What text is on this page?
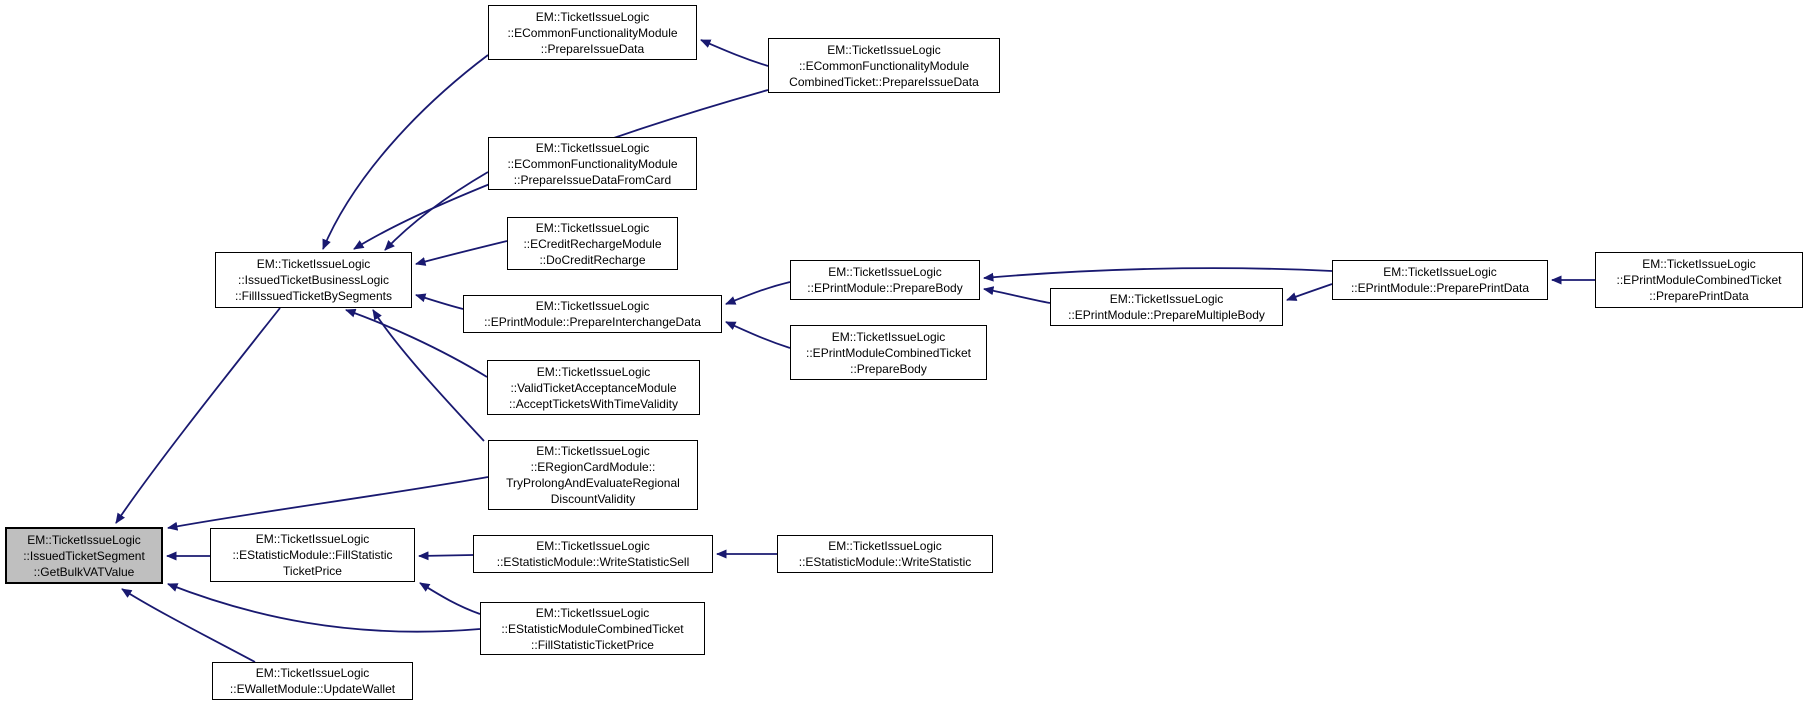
EM::TicketIssueLogic
::IssuedTicketSegment
::GetBulkVATValue
EM::TicketIssueLogic
::IssuedTicketBusinessLogic
::FillIssuedTicketBySegments
EM::TicketIssueLogic
::EStatisticModule::FillStatistic
TicketPrice
EM::TicketIssueLogic
::EWalletModule::UpdateWallet
EM::TicketIssueLogic
::ECommonFunctionalityModule
::PrepareIssueData
EM::TicketIssueLogic
::ECommonFunctionalityModule
::PrepareIssueDataFromCard
EM::TicketIssueLogic
::ECreditRechargeModule
::DoCreditRecharge
EM::TicketIssueLogic
::EPrintModule::PrepareInterchangeData
EM::TicketIssueLogic
::ValidTicketAcceptanceModule
::AcceptTicketsWithTimeValidity
EM::TicketIssueLogic
::ERegionCardModule::
TryProlongAndEvaluateRegional
DiscountValidity
EM::TicketIssueLogic
::EStatisticModule::WriteStatisticSell
EM::TicketIssueLogic
::EStatisticModuleCombinedTicket
::FillStatisticTicketPrice
EM::TicketIssueLogic
::ECommonFunctionalityModule
CombinedTicket::PrepareIssueData
EM::TicketIssueLogic
::EPrintModule::PrepareBody
EM::TicketIssueLogic
::EPrintModuleCombinedTicket
::PrepareBody
EM::TicketIssueLogic
::EStatisticModule::WriteStatistic
EM::TicketIssueLogic
::EPrintModule::PrepareMultipleBody
EM::TicketIssueLogic
::EPrintModule::PreparePrintData
EM::TicketIssueLogic
::EPrintModuleCombinedTicket
::PreparePrintData
